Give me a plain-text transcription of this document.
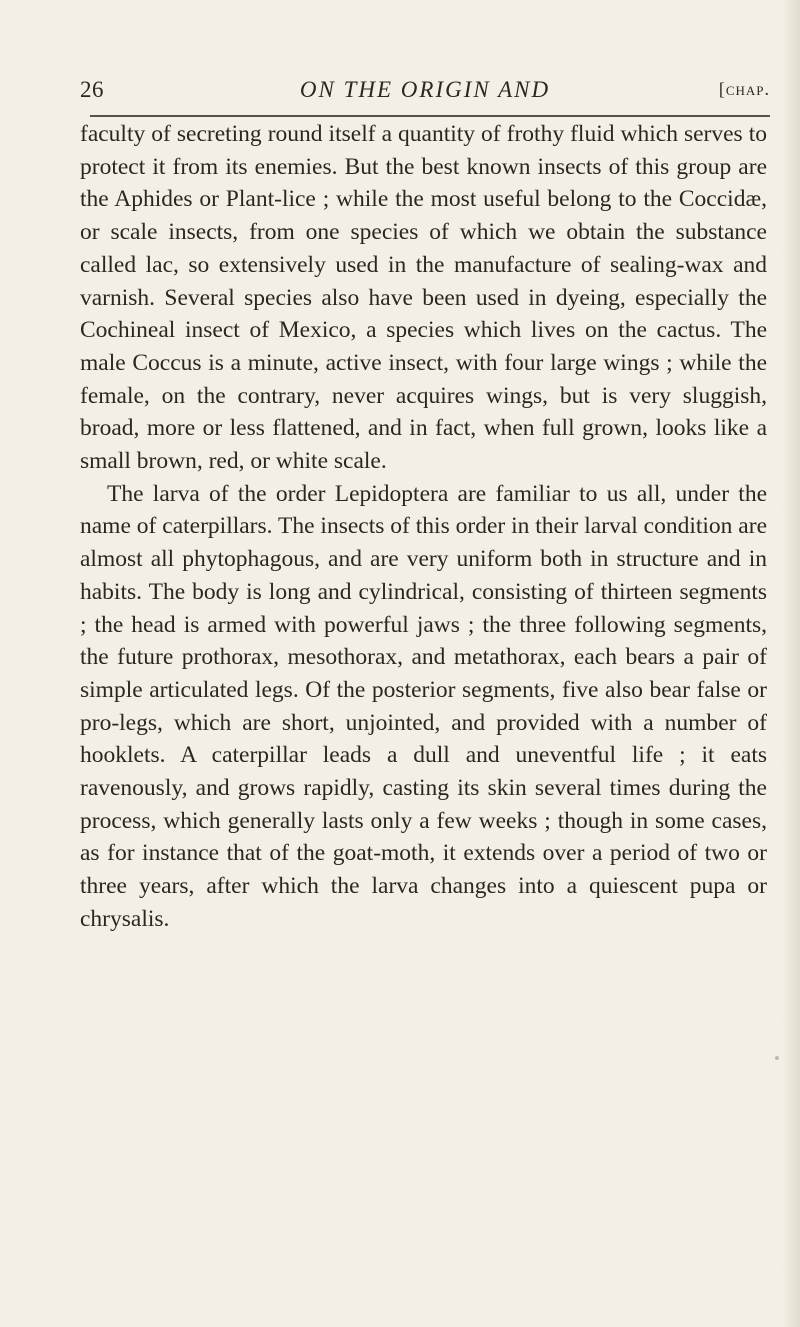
26	ON THE ORIGIN AND	[chap.

faculty of secreting round itself a quantity of frothy fluid which serves to protect it from its enemies. But the best known insects of this group are the Aphides or Plant-lice ; while the most useful belong to the Coccidæ, or scale insects, from one species of which we obtain the substance called lac, so extensively used in the manufacture of sealing-wax and varnish. Several species also have been used in dyeing, especially the Cochineal insect of Mexico, a species which lives on the cactus. The male Coccus is a minute, active insect, with four large wings ; while the female, on the contrary, never acquires wings, but is very sluggish, broad, more or less flattened, and in fact, when full grown, looks like a small brown, red, or white scale.

The larva of the order Lepidoptera are familiar to us all, under the name of caterpillars. The insects of this order in their larval condition are almost all phytophagous, and are very uniform both in structure and in habits. The body is long and cylindrical, consisting of thirteen segments ; the head is armed with powerful jaws ; the three following segments, the future prothorax, mesothorax, and metathorax, each bears a pair of simple articulated legs. Of the posterior segments, five also bear false or pro-legs, which are short, unjointed, and provided with a number of hooklets. A caterpillar leads a dull and uneventful life ; it eats ravenously, and grows rapidly, casting its skin several times during the process, which generally lasts only a few weeks ; though in some cases, as for instance that of the goat-moth, it extends over a period of two or three years, after which the larva changes into a quiescent pupa or chrysalis.
